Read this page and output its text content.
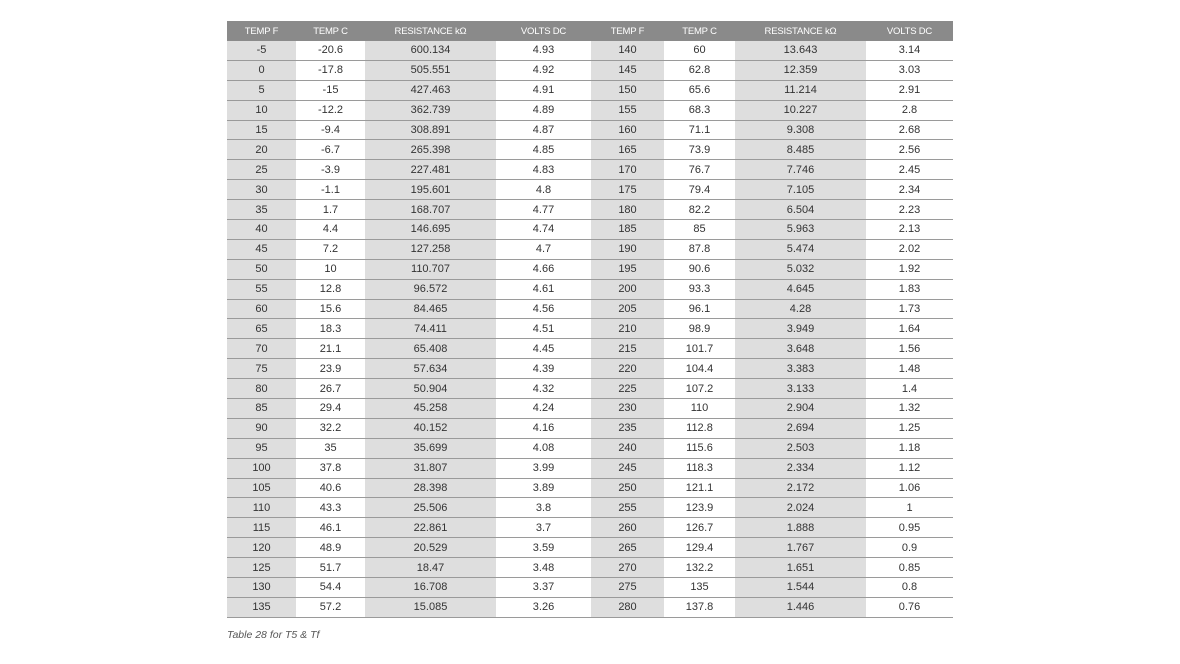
TEMP F	TEMP C	RESISTANCE kΩ	VOLTS DC	TEMP F	TEMP C	RESISTANCE kΩ	VOLTS DC
-5	-20.6	600.134	4.93	140	60	13.643	3.14
0	-17.8	505.551	4.92	145	62.8	12.359	3.03
5	-15	427.463	4.91	150	65.6	11.214	2.91
10	-12.2	362.739	4.89	155	68.3	10.227	2.8
15	-9.4	308.891	4.87	160	71.1	9.308	2.68
20	-6.7	265.398	4.85	165	73.9	8.485	2.56
25	-3.9	227.481	4.83	170	76.7	7.746	2.45
30	-1.1	195.601	4.8	175	79.4	7.105	2.34
35	1.7	168.707	4.77	180	82.2	6.504	2.23
40	4.4	146.695	4.74	185	85	5.963	2.13
45	7.2	127.258	4.7	190	87.8	5.474	2.02
50	10	110.707	4.66	195	90.6	5.032	1.92
55	12.8	96.572	4.61	200	93.3	4.645	1.83
60	15.6	84.465	4.56	205	96.1	4.28	1.73
65	18.3	74.411	4.51	210	98.9	3.949	1.64
70	21.1	65.408	4.45	215	101.7	3.648	1.56
75	23.9	57.634	4.39	220	104.4	3.383	1.48
80	26.7	50.904	4.32	225	107.2	3.133	1.4
85	29.4	45.258	4.24	230	110	2.904	1.32
90	32.2	40.152	4.16	235	112.8	2.694	1.25
95	35	35.699	4.08	240	115.6	2.503	1.18
100	37.8	31.807	3.99	245	118.3	2.334	1.12
105	40.6	28.398	3.89	250	121.1	2.172	1.06
110	43.3	25.506	3.8	255	123.9	2.024	1
115	46.1	22.861	3.7	260	126.7	1.888	0.95
120	48.9	20.529	3.59	265	129.4	1.767	0.9
125	51.7	18.47	3.48	270	132.2	1.651	0.85
130	54.4	16.708	3.37	275	135	1.544	0.8
135	57.2	15.085	3.26	280	137.8	1.446	0.76
Table 28 for T5 & Tf
